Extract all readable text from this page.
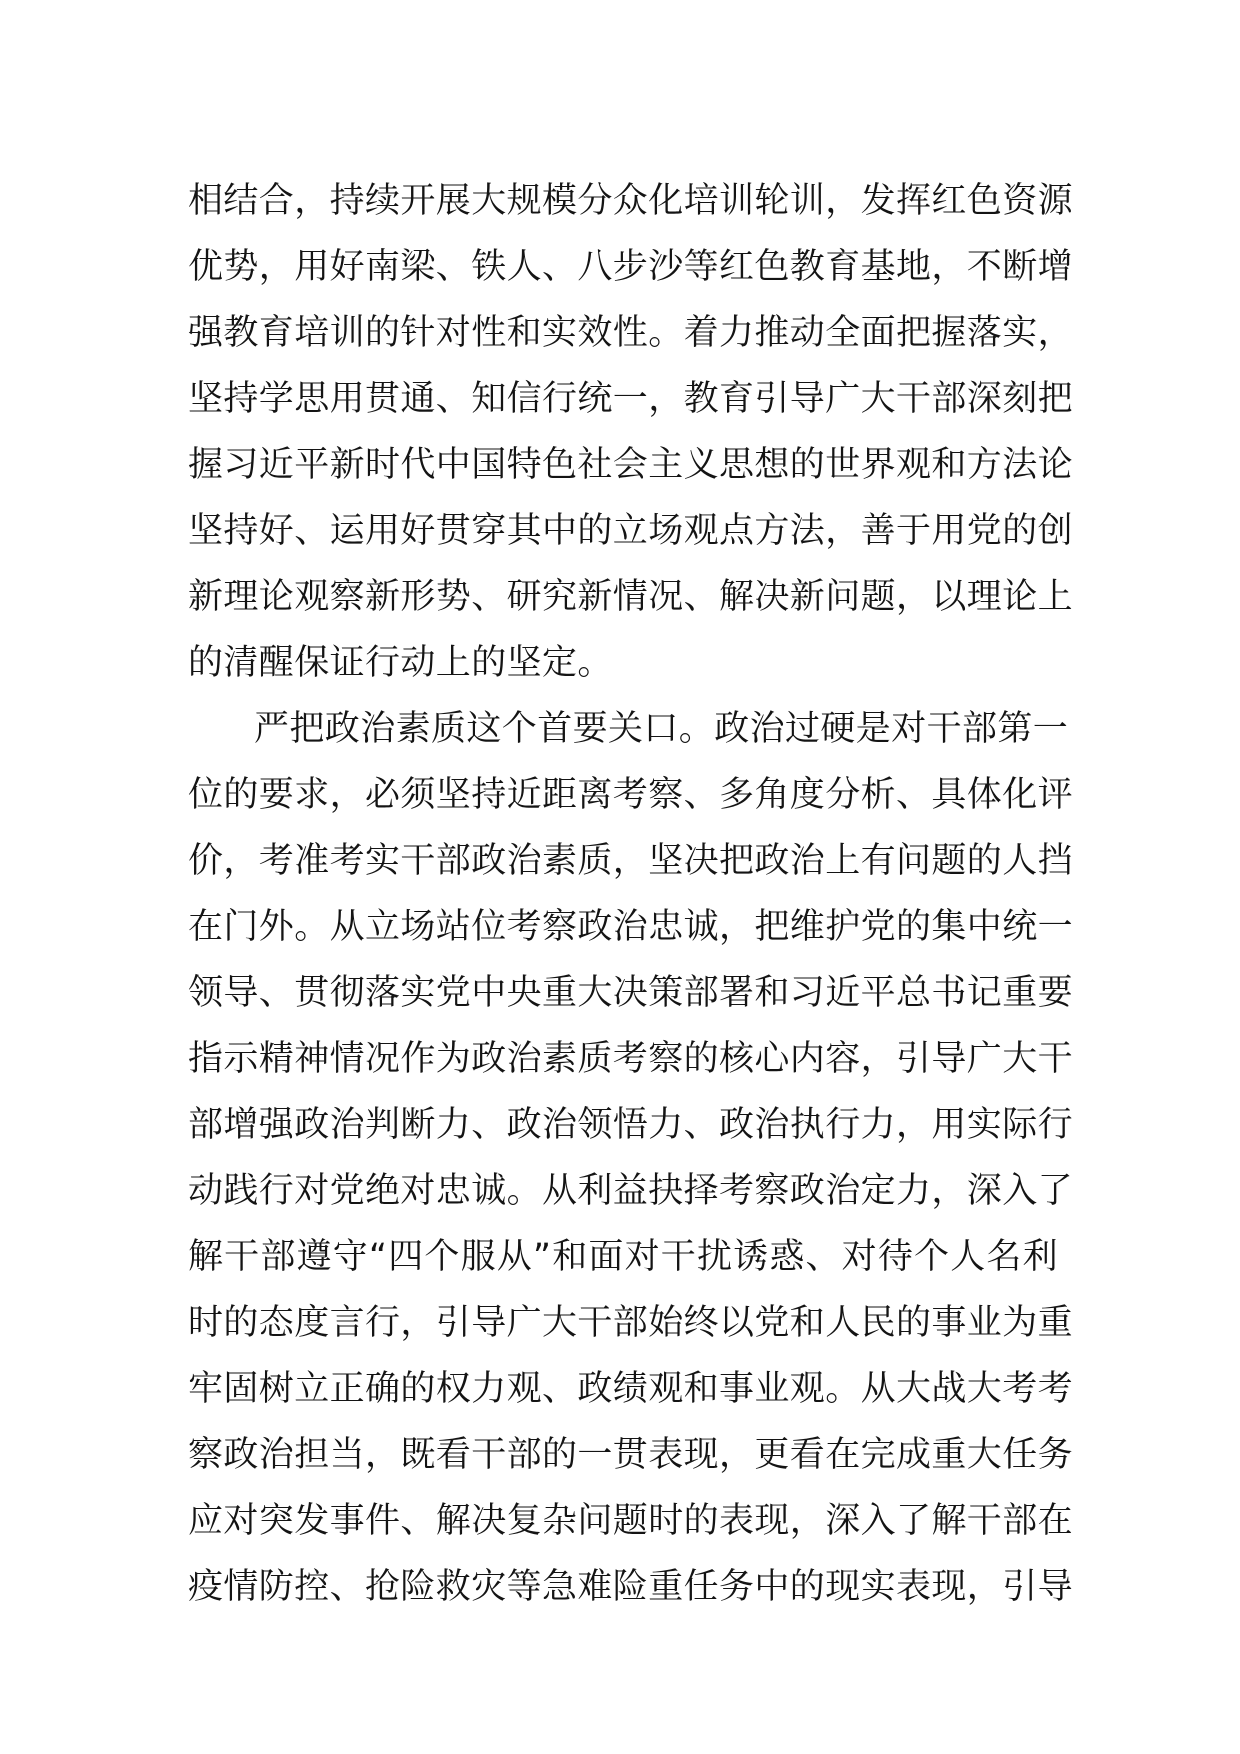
相结合，持续开展大规模分众化培训轮训，发挥红色资源
优势，用好南梁、铁人、八步沙等红色教育基地，不断增
强教育培训的针对性和实效性。着力推动全面把握落实，
坚持学思用贯通、知信行统一，教育引导广大干部深刻把
握习近平新时代中国特色社会主义思想的世界观和方法论
坚持好、运用好贯穿其中的立场观点方法，善于用党的创
新理论观察新形势、研究新情况、解决新问题，以理论上
的清醒保证行动上的坚定。
严把政治素质这个首要关口。政治过硬是对干部第一
位的要求，必须坚持近距离考察、多角度分析、具体化评
价，考准考实干部政治素质，坚决把政治上有问题的人挡
在门外。从立场站位考察政治忠诚，把维护党的集中统一
领导、贯彻落实党中央重大决策部署和习近平总书记重要
指示精神情况作为政治素质考察的核心内容，引导广大干
部增强政治判断力、政治领悟力、政治执行力，用实际行
动践行对党绝对忠诚。从利益抉择考察政治定力，深入了
解干部遵守“四个服从”和面对干扰诱惑、对待个人名利
时的态度言行，引导广大干部始终以党和人民的事业为重
牢固树立正确的权力观、政绩观和事业观。从大战大考考
察政治担当，既看干部的一贯表现，更看在完成重大任务
应对突发事件、解决复杂问题时的表现，深入了解干部在
疫情防控、抢险救灾等急难险重任务中的现实表现，引导
